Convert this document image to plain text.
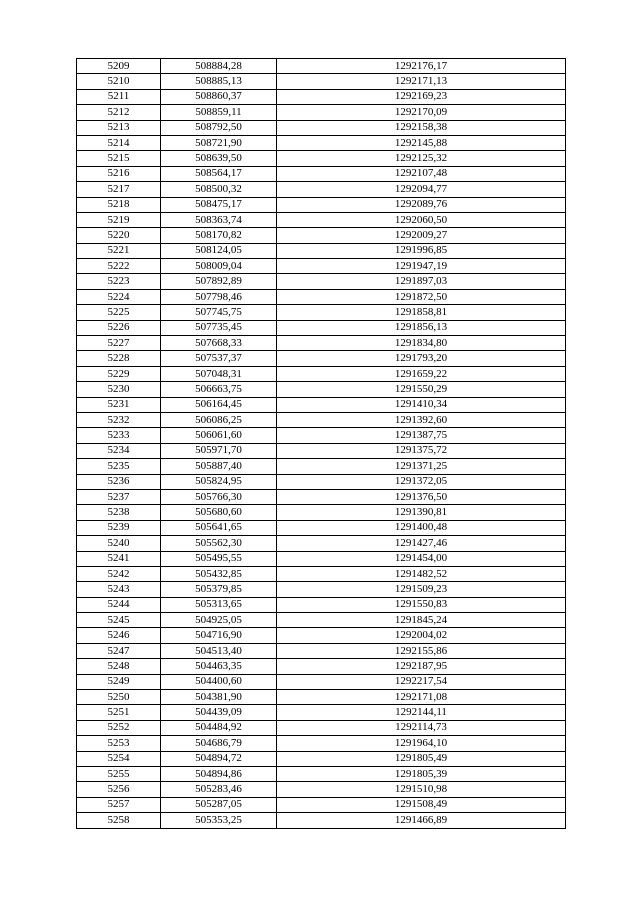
5209	508884,28	1292176,17
5210	508885,13	1292171,13
5211	508860,37	1292169,23
5212	508859,11	1292170,09
5213	508792,50	1292158,38
5214	508721,90	1292145,88
5215	508639,50	1292125,32
5216	508564,17	1292107,48
5217	508500,32	1292094,77
5218	508475,17	1292089,76
5219	508363,74	1292060,50
5220	508170,82	1292009,27
5221	508124,05	1291996,85
5222	508009,04	1291947,19
5223	507892,89	1291897,03
5224	507798,46	1291872,50
5225	507745,75	1291858,81
5226	507735,45	1291856,13
5227	507668,33	1291834,80
5228	507537,37	1291793,20
5229	507048,31	1291659,22
5230	506663,75	1291550,29
5231	506164,45	1291410,34
5232	506086,25	1291392,60
5233	506061,60	1291387,75
5234	505971,70	1291375,72
5235	505887,40	1291371,25
5236	505824,95	1291372,05
5237	505766,30	1291376,50
5238	505680,60	1291390,81
5239	505641,65	1291400,48
5240	505562,30	1291427,46
5241	505495,55	1291454,00
5242	505432,85	1291482,52
5243	505379,85	1291509,23
5244	505313,65	1291550,83
5245	504925,05	1291845,24
5246	504716,90	1292004,02
5247	504513,40	1292155,86
5248	504463,35	1292187,95
5249	504400,60	1292217,54
5250	504381,90	1292171,08
5251	504439,09	1292144,11
5252	504484,92	1292114,73
5253	504686,79	1291964,10
5254	504894,72	1291805,49
5255	504894,86	1291805,39
5256	505283,46	1291510,98
5257	505287,05	1291508,49
5258	505353,25	1291466,89
